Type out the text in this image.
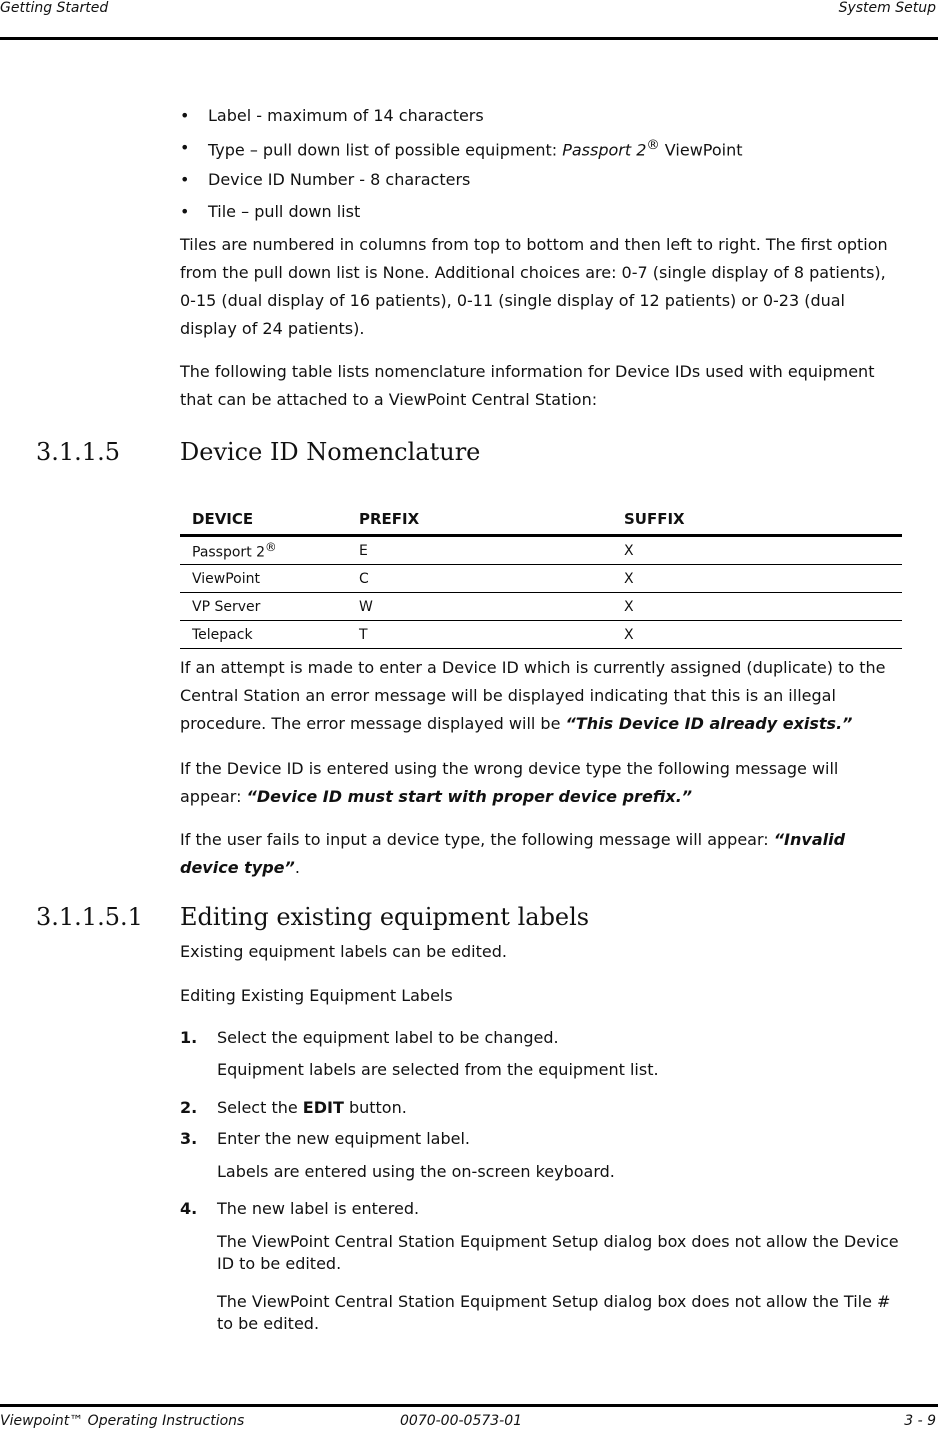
Getting Started	System Setup
• Label - maximum of 14 characters
• Type – pull down list of possible equipment: Passport 2® ViewPoint
• Device ID Number - 8 characters
• Tile – pull down list
Tiles are numbered in columns from top to bottom and then left to right. The first option from the pull down list is None. Additional choices are: 0-7 (single display of 8 patients), 0-15 (dual display of 16 patients), 0-11 (single display of 12 patients) or 0-23 (dual display of 24 patients).
The following table lists nomenclature information for Device IDs used with equipment that can be attached to a ViewPoint Central Station:
3.1.1.5	Device ID Nomenclature
DEVICE	PREFIX	SUFFIX
Passport 2®	E	X
ViewPoint	C	X
VP Server	W	X
Telepack	T	X
If an attempt is made to enter a Device ID which is currently assigned (duplicate) to the Central Station an error message will be displayed indicating that this is an illegal procedure. The error message displayed will be “This Device ID already exists.”
If the Device ID is entered using the wrong device type the following message will appear: “Device ID must start with proper device prefix.”
If the user fails to input a device type, the following message will appear: “Invalid device type”.
3.1.1.5.1 Editing existing equipment labels
Existing equipment labels can be edited.
Editing Existing Equipment Labels
1. Select the equipment label to be changed.
Equipment labels are selected from the equipment list.
2. Select the EDIT button.
3. Enter the new equipment label.
Labels are entered using the on-screen keyboard.
4. The new label is entered.
The ViewPoint Central Station Equipment Setup dialog box does not allow the Device ID to be edited.
The ViewPoint Central Station Equipment Setup dialog box does not allow the Tile # to be edited.
Viewpoint™ Operating Instructions	0070-00-0573-01	3 - 9
